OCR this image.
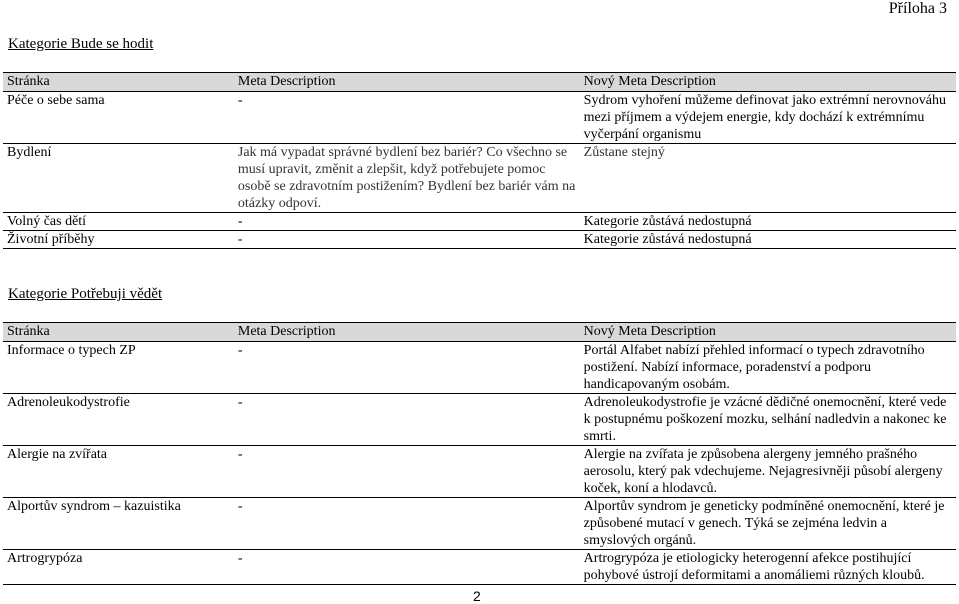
Příloha 3
Kategorie Bude se hodit
Stránka	Meta Description	Nový Meta Description
Péče o sebe sama	-	Sydrom vyhoření můžeme definovat jako extrémní nerovnováhu mezi příjmem a výdejem energie, kdy dochází k extrémnímu vyčerpání organismu
Bydlení	Jak má vypadat správné bydlení bez bariér? Co všechno se musí upravit, změnit a zlepšit, když potřebujete pomoc osobě se zdravotním postižením? Bydlení bez bariér vám na otázky odpoví.	Zůstane stejný
Volný čas dětí	-	Kategorie zůstává nedostupná
Životní příběhy	-	Kategorie zůstává nedostupná
Kategorie Potřebuji vědět
Stránka	Meta Description	Nový Meta Description
Informace o typech ZP	-	Portál Alfabet nabízí přehled informací o typech zdravotního postižení. Nabízí informace, poradenství a podporu handicapovaným osobám.
Adrenoleukodystrofie	-	Adrenoleukodystrofie je vzácné dědičné onemocnění, které vede k postupnému poškození mozku, selhání nadledvin a nakonec ke smrti.
Alergie na zvířata	-	Alergie na zvířata je způsobena alergeny jemného prašného aerosolu, který pak vdechujeme. Nejagresivněji působí alergeny koček, koní a hlodavců.
Alportův syndrom – kazuistika	-	Alportův syndrom je geneticky podmíněné onemocnění, které je způsobené mutací v genech. Týká se zejména ledvin a smyslových orgánů.
Artrogrypóza	-	Artrogrypóza je etiologicky heterogenní afekce postihující pohybové ústrojí deformitami a anomáliemi různých kloubů.
2
